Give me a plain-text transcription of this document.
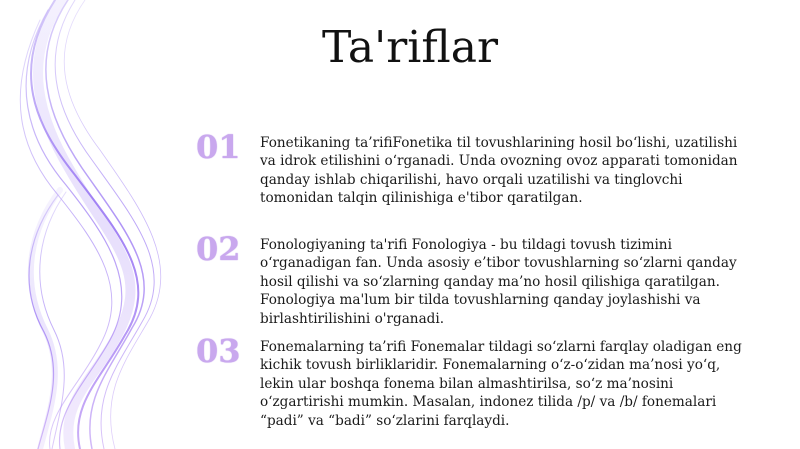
Ta'riflar
01	Fonetikaning ta’rifiFonetika til tovushlarining hosil bo‘lishi, uzatilishi va idrok etilishini o‘rganadi. Unda ovozning ovoz apparati tomonidan qanday ishlab chiqarilishi, havo orqali uzatilishi va tinglovchi tomonidan talqin qilinishiga e'tibor qaratilgan.
02	Fonologiyaning ta'rifi Fonologiya - bu tildagi tovush tizimini o‘rganadigan fan. Unda asosiy e’tibor tovushlarning so‘zlarni qanday hosil qilishi va so‘zlarning qanday ma’no hosil qilishiga qaratilgan. Fonologiya ma'lum bir tilda tovushlarning qanday joylashishi va birlashtirilishini o'rganadi.
03	Fonemalarning ta’rifi Fonemalar tildagi so‘zlarni farqlay oladigan eng kichik tovush birliklaridir. Fonemalarning o‘z-o‘zidan ma’nosi yo‘q, lekin ular boshqa fonema bilan almashtirilsa, so‘z ma’nosini o‘zgartirishi mumkin. Masalan, indonez tilida /p/ va /b/ fonemalari “padi” va “badi” so‘zlarini farqlaydi.
